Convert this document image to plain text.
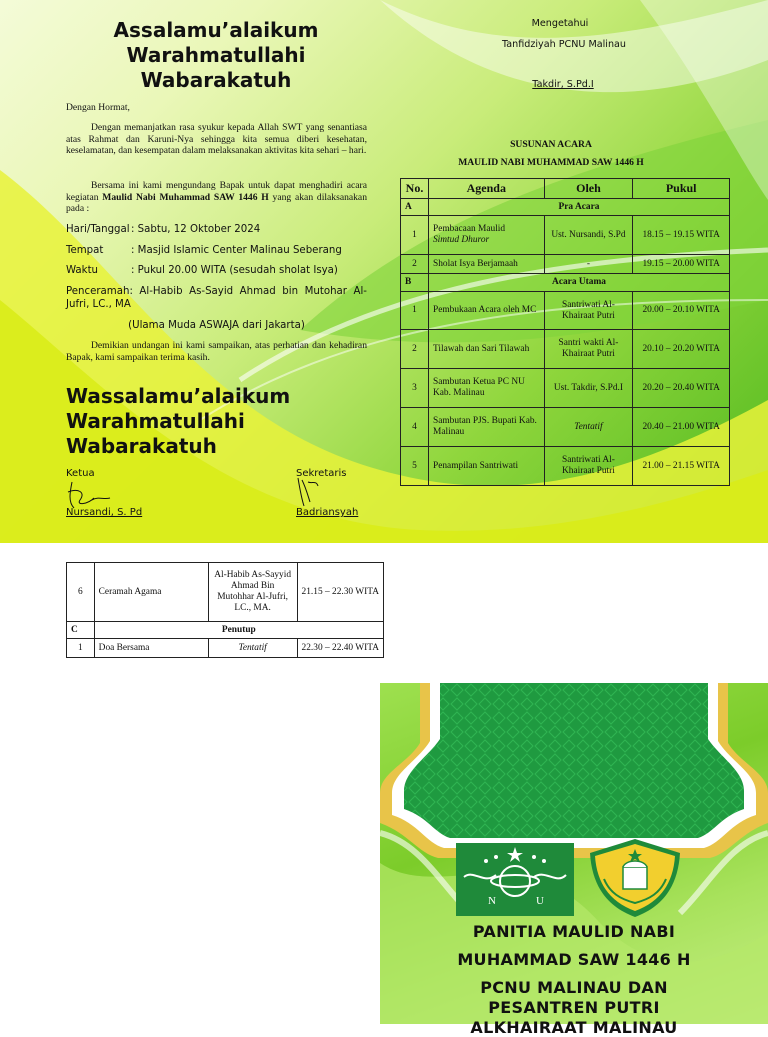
Assalamu’alaikum
Warahmatullahi
Wabarakatuh
Dengan Hormat,
Dengan memanjatkan rasa syukur kepada Allah SWT yang senantiasa atas Rahmat dan Karuni-Nya sehingga kita semua diberi kesehatan, keselamatan, dan kesempatan dalam melaksanakan aktivitas kita sehari – hari.
Bersama ini kami mengundang Bapak untuk dapat menghadiri acara kegiatan Maulid Nabi Muhammad SAW 1446 H yang akan dilaksanakan pada :
Hari/Tanggal: Sabtu, 12 Oktober 2024
Tempat	: Masjid Islamic Center Malinau Seberang
Waktu	: Pukul 20.00 WITA (sesudah sholat Isya)
Penceramah: Al-Habib As-Sayid Ahmad bin Mutohar Al-Jufri, LC., MA
(Ulama Muda ASWAJA dari Jakarta)
Demikian undangan ini kami sampaikan, atas perhatian dan kehadiran Bapak, kami sampaikan terima kasih.
Wassalamu’alaikum
Warahmatullahi
Wabarakatuh
Ketua
Nursandi, S. Pd
Sekretaris
Badriansyah
Mengetahui
Tanfidziyah PCNU Malinau
Takdir, S.Pd.I
SUSUNAN ACARA
MAULID NABI MUHAMMAD SAW 1446 H
No.	Agenda	Oleh	Pukul
A	Pra Acara		
1	Pembacaan Maulid
Simtud Dhuror	Ust. Nursandi, S.Pd	18.15 – 19.15 WITA
2	Sholat Isya Berjamaah	-	19.15 – 20.00 WITA
B	Acara Utama		
1	Pembukaan Acara oleh MC	Santriwati Al-Khairaat Putri	20.00 – 20.10 WITA
2	Tilawah dan Sari Tilawah	Santri wakti Al-Khairaat Putri	20.10 – 20.20 WITA
3	Sambutan Ketua PC NU Kab. Malinau	Ust. Takdir, S.Pd.I	20.20 – 20.40 WITA
4	Sambutan PJS. Bupati Kab. Malinau	Tentatif	20.40 – 21.00 WITA
5	Penampilan Santriwati	Santriwati Al-Khairaat Putri	21.00 – 21.15 WITA
6	Ceramah Agama	Al-Habib As-Sayyid Ahmad Bin Mutohhar Al-Jufri, LC., MA.	21.15 – 22.30 WITA
C	Penutup		
1	Doa Bersama	Tentatif	22.30 – 22.40 WITA
N	U
PANITIA MAULID NABI
MUHAMMAD SAW 1446 H
PCNU MALINAU DAN
PESANTREN PUTRI
ALKHAIRAAT MALINAU
